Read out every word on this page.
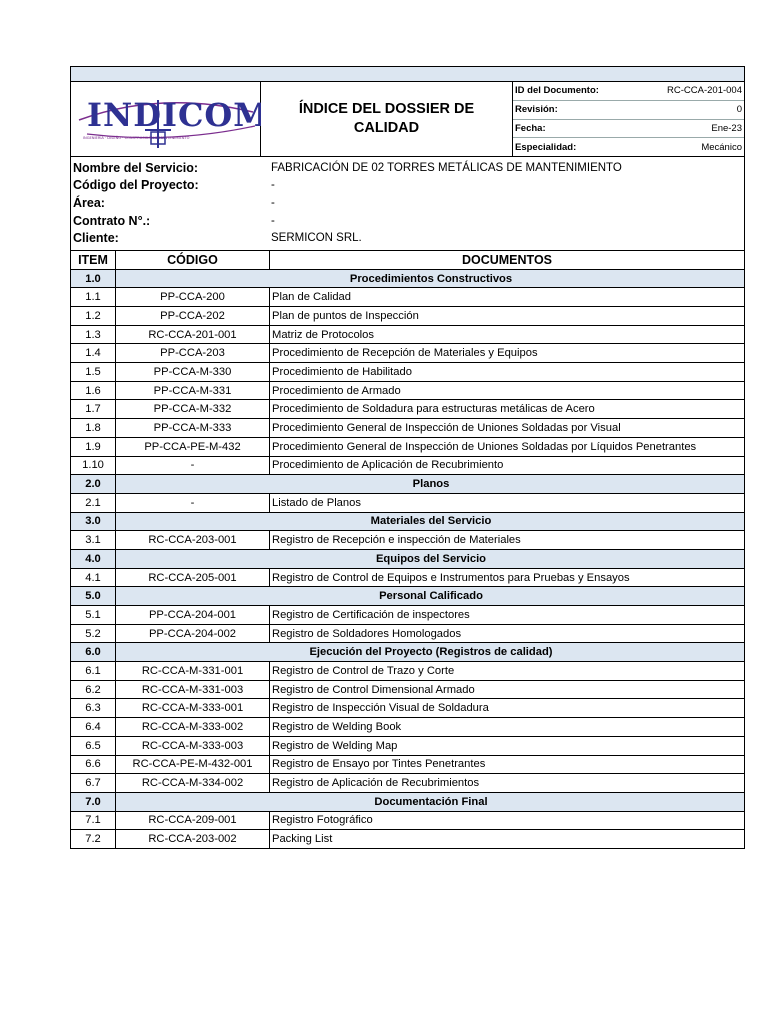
INDICOM
INGENIERÍA · DISEÑO · CONSTRUCCIÓN & MANTENIMIENTO
ÍNDICE DEL DOSSIER DE
CALIDAD
ID del Documento:	RC-CCA-201-004
Revisión:	0
Fecha:	Ene-23
Especialidad:	Mecánico
Nombre del Servicio:	FABRICACIÓN DE 02 TORRES METÁLICAS DE MANTENIMIENTO
Código del Proyecto:	-
Área:	-
Contrato N°.:	-
Cliente:	SERMICON SRL.
ITEM	CÓDIGO	DOCUMENTOS
1.0	Procedimientos Constructivos	
1.1	PP-CCA-200	Plan de Calidad
1.2	PP-CCA-202	Plan de puntos de Inspección
1.3	RC-CCA-201-001	Matriz de Protocolos
1.4	PP-CCA-203	Procedimiento de Recepción de Materiales y Equipos
1.5	PP-CCA-M-330	Procedimiento de Habilitado
1.6	PP-CCA-M-331	Procedimiento de Armado
1.7	PP-CCA-M-332	Procedimiento de Soldadura para estructuras metálicas de Acero
1.8	PP-CCA-M-333	Procedimiento General de Inspección de Uniones Soldadas por Visual
1.9	PP-CCA-PE-M-432	Procedimiento General de Inspección de Uniones Soldadas por Líquidos Penetrantes
1.10	-	Procedimiento de Aplicación de Recubrimiento
2.0	Planos	
2.1	-	Listado de Planos
3.0	Materiales del Servicio	
3.1	RC-CCA-203-001	Registro de Recepción e inspección de Materiales
4.0	Equipos del Servicio	
4.1	RC-CCA-205-001	Registro de Control de Equipos e Instrumentos para Pruebas y Ensayos
5.0	Personal Calificado	
5.1	PP-CCA-204-001	Registro de Certificación de inspectores
5.2	PP-CCA-204-002	Registro de Soldadores Homologados
6.0	Ejecución del Proyecto (Registros de calidad)	
6.1	RC-CCA-M-331-001	Registro de Control de Trazo y Corte
6.2	RC-CCA-M-331-003	Registro de Control Dimensional Armado
6.3	RC-CCA-M-333-001	Registro de Inspección Visual de Soldadura
6.4	RC-CCA-M-333-002	Registro de Welding Book
6.5	RC-CCA-M-333-003	Registro de Welding Map
6.6	RC-CCA-PE-M-432-001	Registro de Ensayo por Tintes Penetrantes
6.7	RC-CCA-M-334-002	Registro de Aplicación de Recubrimientos
7.0	Documentación Final	
7.1	RC-CCA-209-001	Registro Fotográfico
7.2	RC-CCA-203-002	Packing List
